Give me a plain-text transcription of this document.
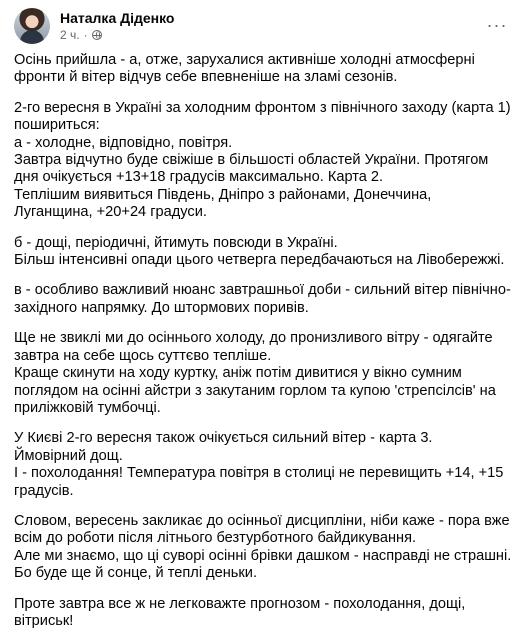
Наталка Діденко
2 ч. ·
···

Осінь прийшла - а, отже, зарухалися активніше холодні атмосферні фронти й вітер відчув себе впевненіше на зламі сезонів.

2-го вересня в Україні за холодним фронтом з північного заходу (карта 1) пошириться:
а - холодне, відповідно, повітря.
Завтра відчутно буде свіжіше в більшості областей України. Протягом дня очікується +13+18 градусів максимально. Карта 2.
Теплішим виявиться Південь, Дніпро з районами, Донеччина, Луганщина, +20+24 градуси.

б - дощі, періодичні, йтимуть повсюди в Україні.
Більш інтенсивні опади цього четверга передбачаються на Лівобережжі.

в - особливо важливий нюанс завтрашньої доби - сильний вітер північно-західного напрямку. До штормових поривів.

Ще не звиклі ми до осіннього холоду, до пронизливого вітру - одягайте завтра на себе щось суттєво тепліше.
Краще скинути на ходу куртку, аніж потім дивитися у вікно сумним поглядом на осінні айстри з закутаним горлом та купою 'стрепсілсів' на приліжковій тумбочці.

У Києві 2-го вересня також очікується сильний вітер - карта 3.
Ймовірний дощ.
І - похолодання! Температура повітря в столиці не перевищить +14, +15 градусів.

Словом, вересень закликає до осінньої дисципліни, ніби каже - пора вже всім до роботи після літнього безтурботного байдикування.
Але ми знаємо, що ці суворі осінні брівки дашком - насправді не страшні.
Бо буде ще й сонце, й теплі деньки.

Проте завтра все ж не легковажте прогнозом - похолодання, дощі, вітриськ!
